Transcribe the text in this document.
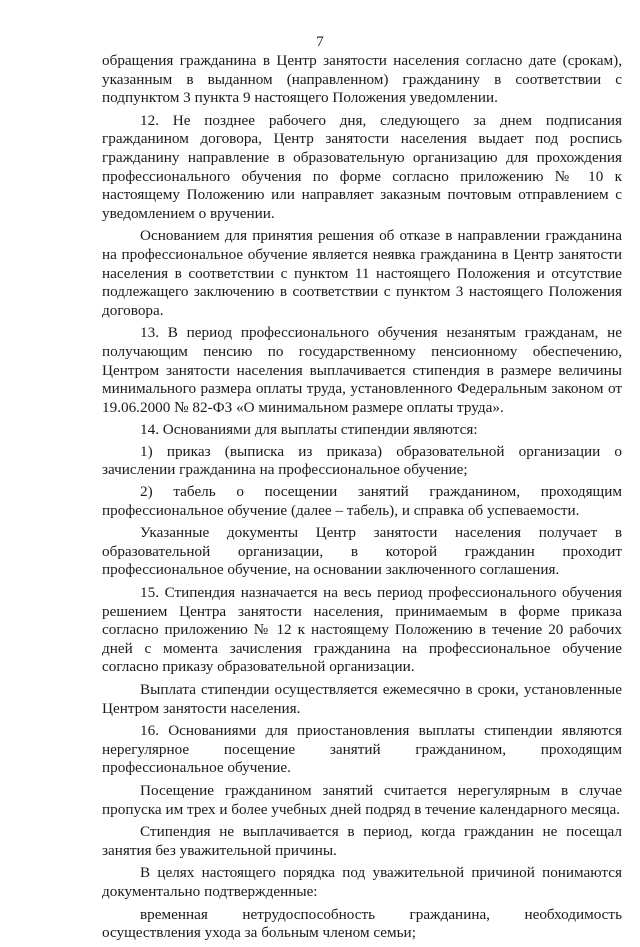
7

обращения гражданина в Центр занятости населения согласно дате (срокам), указанным в выданном (направленном) гражданину в соответствии с подпунктом 3 пункта 9 настоящего Положения уведомлении.

12. Не позднее рабочего дня, следующего за днем подписания гражданином договора, Центр занятости населения выдает под роспись гражданину направление в образовательную организацию для прохождения профессионального обучения по форме согласно приложению № 10 к настоящему Положению или направляет заказным почтовым отправлением с уведомлением о вручении.

Основанием для принятия решения об отказе в направлении гражданина на профессиональное обучение является неявка гражданина в Центр занятости населения в соответствии с пунктом 11 настоящего Положения и отсутствие подлежащего заключению в соответствии с пунктом 3 настоящего Положения договора.

13. В период профессионального обучения незанятым гражданам, не получающим пенсию по государственному пенсионному обеспечению, Центром занятости населения выплачивается стипендия в размере величины минимального размера оплаты труда, установленного Федеральным законом от 19.06.2000 № 82-ФЗ «О минимальном размере оплаты труда».

14. Основаниями для выплаты стипендии являются:

1) приказ (выписка из приказа) образовательной организации о зачислении гражданина на профессиональное обучение;

2) табель о посещении занятий гражданином, проходящим профессиональное обучение (далее – табель), и справка об успеваемости.

Указанные документы Центр занятости населения получает в образовательной организации, в которой гражданин проходит профессиональное обучение, на основании заключенного соглашения.

15. Стипендия назначается на весь период профессионального обучения решением Центра занятости населения, принимаемым в форме приказа согласно приложению № 12 к настоящему Положению в течение 20 рабочих дней с момента зачисления гражданина на профессиональное обучение согласно приказу образовательной организации.

Выплата стипендии осуществляется ежемесячно в сроки, установленные Центром занятости населения.

16. Основаниями для приостановления выплаты стипендии являются нерегулярное посещение занятий гражданином, проходящим профессиональное обучение.

Посещение гражданином занятий считается нерегулярным в случае пропуска им трех и более учебных дней подряд в течение календарного месяца.

Стипендия не выплачивается в период, когда гражданин не посещал занятия без уважительной причины.

В целях настоящего порядка под уважительной причиной понимаются документально подтвержденные:

временная нетрудоспособность гражданина, необходимость осуществления ухода за больным членом семьи;
